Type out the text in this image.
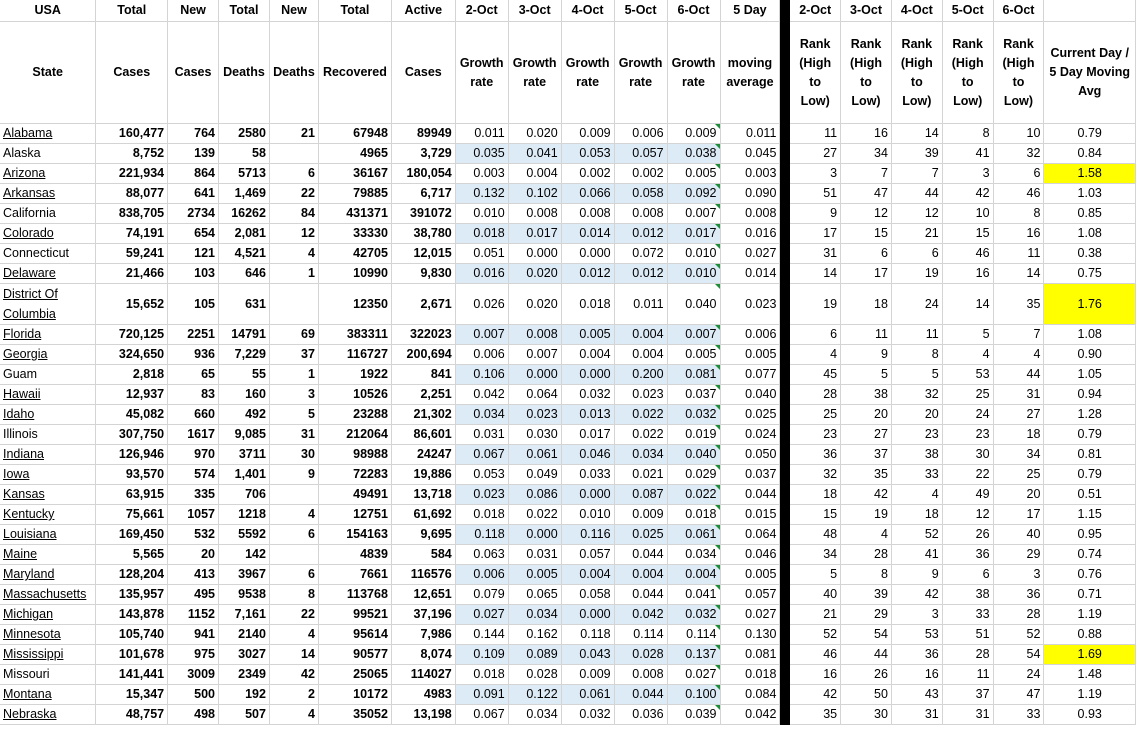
USA	Total	New	Total	New	Total	Active	2-Oct	3-Oct	4-Oct	5-Oct	6-Oct	5 Day		2-Oct	3-Oct	4-Oct	5-Oct	6-Oct	
State	Cases	Cases	Deaths	Deaths	Recovered	Cases	Growth rate	Growth rate	Growth rate	Growth rate	Growth rate	moving average		Rank (High to Low)	Rank (High to Low)	Rank (High to Low)	Rank (High to Low)	Rank (High to Low)	Current Day / 5 Day Moving Avg
Alabama	160,477	764	2580	21	67948	89949	0.011	0.020	0.009	0.006	0.009	0.011		11	16	14	8	10	0.79
Alaska	8,752	139	58		4965	3,729	0.035	0.041	0.053	0.057	0.038	0.045		27	34	39	41	32	0.84
Arizona	221,934	864	5713	6	36167	180,054	0.003	0.004	0.002	0.002	0.005	0.003		3	7	7	3	6	1.58
Arkansas	88,077	641	1,469	22	79885	6,717	0.132	0.102	0.066	0.058	0.092	0.090		51	47	44	42	46	1.03
California	838,705	2734	16262	84	431371	391072	0.010	0.008	0.008	0.008	0.007	0.008		9	12	12	10	8	0.85
Colorado	74,191	654	2,081	12	33330	38,780	0.018	0.017	0.014	0.012	0.017	0.016		17	15	21	15	16	1.08
Connecticut	59,241	121	4,521	4	42705	12,015	0.051	0.000	0.000	0.072	0.010	0.027		31	6	6	46	11	0.38
Delaware	21,466	103	646	1	10990	9,830	0.016	0.020	0.012	0.012	0.010	0.014		14	17	19	16	14	0.75

District Of Columbia	15,652	105	631		12350	2,671	0.026	0.020	0.018	0.011	0.040	0.023		19	18	24	14	35	1.76
Florida	720,125	2251	14791	69	383311	322023	0.007	0.008	0.005	0.004	0.007	0.006		6	11	11	5	7	1.08
Georgia	324,650	936	7,229	37	116727	200,694	0.006	0.007	0.004	0.004	0.005	0.005		4	9	8	4	4	0.90
Guam	2,818	65	55	1	1922	841	0.106	0.000	0.000	0.200	0.081	0.077		45	5	5	53	44	1.05
Hawaii	12,937	83	160	3	10526	2,251	0.042	0.064	0.032	0.023	0.037	0.040		28	38	32	25	31	0.94
Idaho	45,082	660	492	5	23288	21,302	0.034	0.023	0.013	0.022	0.032	0.025		25	20	20	24	27	1.28
Illinois	307,750	1617	9,085	31	212064	86,601	0.031	0.030	0.017	0.022	0.019	0.024		23	27	23	23	18	0.79
Indiana	126,946	970	3711	30	98988	24247	0.067	0.061	0.046	0.034	0.040	0.050		36	37	38	30	34	0.81
Iowa	93,570	574	1,401	9	72283	19,886	0.053	0.049	0.033	0.021	0.029	0.037		32	35	33	22	25	0.79
Kansas	63,915	335	706		49491	13,718	0.023	0.086	0.000	0.087	0.022	0.044		18	42	4	49	20	0.51
Kentucky	75,661	1057	1218	4	12751	61,692	0.018	0.022	0.010	0.009	0.018	0.015		15	19	18	12	17	1.15
Louisiana	169,450	532	5592	6	154163	9,695	0.118	0.000	0.116	0.025	0.061	0.064		48	4	52	26	40	0.95
Maine	5,565	20	142		4839	584	0.063	0.031	0.057	0.044	0.034	0.046		34	28	41	36	29	0.74
Maryland	128,204	413	3967	6	7661	116576	0.006	0.005	0.004	0.004	0.004	0.005		5	8	9	6	3	0.76
Massachusetts	135,957	495	9538	8	113768	12,651	0.079	0.065	0.058	0.044	0.041	0.057		40	39	42	38	36	0.71
Michigan	143,878	1152	7,161	22	99521	37,196	0.027	0.034	0.000	0.042	0.032	0.027		21	29	3	33	28	1.19
Minnesota	105,740	941	2140	4	95614	7,986	0.144	0.162	0.118	0.114	0.114	0.130		52	54	53	51	52	0.88
Mississippi	101,678	975	3027	14	90577	8,074	0.109	0.089	0.043	0.028	0.137	0.081		46	44	36	28	54	1.69
Missouri	141,441	3009	2349	42	25065	114027	0.018	0.028	0.009	0.008	0.027	0.018		16	26	16	11	24	1.48
Montana	15,347	500	192	2	10172	4983	0.091	0.122	0.061	0.044	0.100	0.084		42	50	43	37	47	1.19
Nebraska	48,757	498	507	4	35052	13,198	0.067	0.034	0.032	0.036	0.039	0.042		35	30	31	31	33	0.93
